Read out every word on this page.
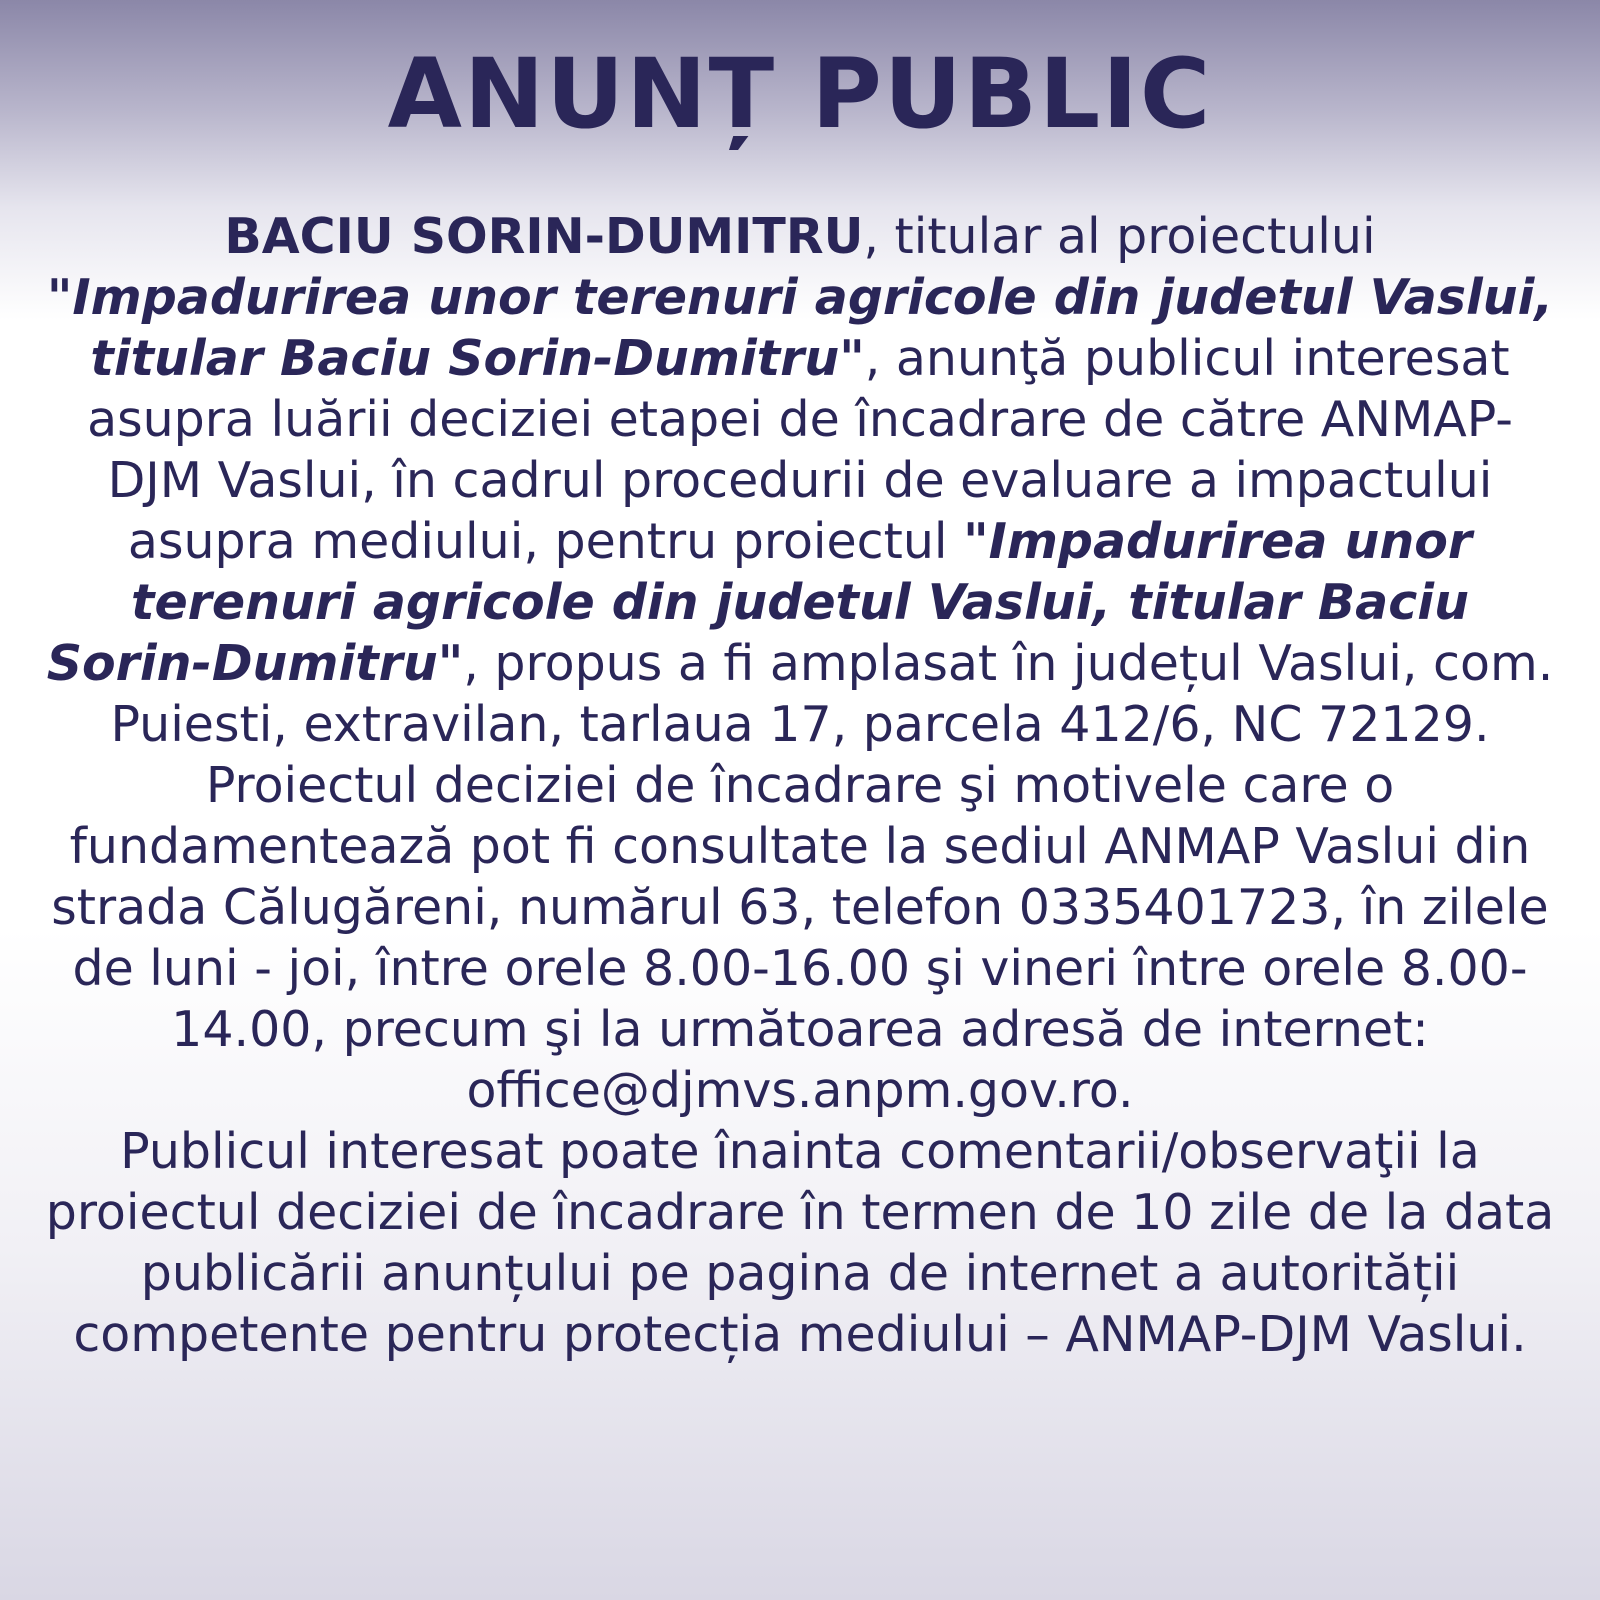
ANUNȚ PUBLIC

BACIU SORIN-DUMITRU, titular al proiectului "Impadurirea unor terenuri agricole din judetul Vaslui, titular Baciu Sorin-Dumitru", anunţă publicul interesat asupra luării deciziei etapei de încadrare de către ANMAP-DJM Vaslui, în cadrul procedurii de evaluare a impactului asupra mediului, pentru proiectul "Impadurirea unor terenuri agricole din judetul Vaslui, titular Baciu Sorin-Dumitru", propus a fi amplasat în județul Vaslui, com. Puiesti, extravilan, tarlaua 17, parcela 412/6, NC 72129. Proiectul deciziei de încadrare şi motivele care o fundamentează pot fi consultate la sediul ANMAP Vaslui din strada Călugăreni, numărul 63, telefon 0335401723, în zilele de luni - joi, între orele 8.00-16.00 şi vineri între orele 8.00-14.00, precum şi la următoarea adresă de internet: office@djmvs.anpm.gov.ro.

Publicul interesat poate înainta comentarii/observaţii la proiectul deciziei de încadrare în termen de 10 zile de la data publicării anunțului pe pagina de internet a autorității competente pentru protecția mediului – ANMAP-DJM Vaslui.
